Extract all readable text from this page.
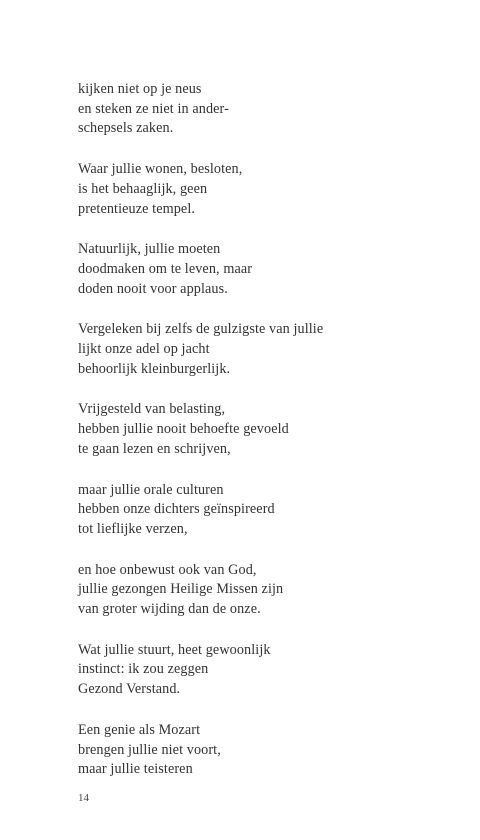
kijken niet op je neus
en steken ze niet in ander-
schepsels zaken.
Waar jullie wonen, besloten,
is het behaaglijk, geen
pretentieuze tempel.
Natuurlijk, jullie moeten
doodmaken om te leven, maar
doden nooit voor applaus.
Vergeleken bij zelfs de gulzigste van jullie
lijkt onze adel op jacht
behoorlijk kleinburgerlijk.
Vrijgesteld van belasting,
hebben jullie nooit behoefte gevoeld
te gaan lezen en schrijven,
maar jullie orale culturen
hebben onze dichters geïnspireerd
tot lieflijke verzen,
en hoe onbewust ook van God,
jullie gezongen Heilige Missen zijn
van groter wijding dan de onze.
Wat jullie stuurt, heet gewoonlijk
instinct: ik zou zeggen
Gezond Verstand.
Een genie als Mozart
brengen jullie niet voort,
maar jullie teisteren
14
